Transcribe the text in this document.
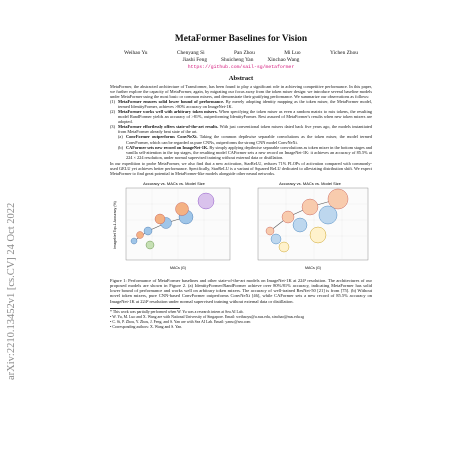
arXiv:2210.13452v1 [cs.CV] 24 Oct 2022
MetaFormer Baselines for Vision
Weihao Yu	Chenyang Si	Pan Zhou	Mi Luo	Yichen Zhou
Jiashi Feng	Shuicheng Yan	Xinchao Wang
https://github.com/sail-sg/metaformer
Abstract

MetaFormer, the abstracted architecture of Transformer, has been found to play a significant role in achieving competitive performance. In this paper, we further explore the capacity of MetaFormer, again, by migrating our focus away from the token mixer design: we introduce several baseline models under MetaFormer using the most basic or common mixers, and demonstrate their gratifying performance. We summarize our observations as follows:

(1) MetaFormer ensures solid lower bound of performance. By merely adopting identity mapping as the token mixer, the MetaFormer model, termed IdentityFormer, achieves >80% accuracy on ImageNet-1K.
(2) MetaFormer works well with arbitrary token mixers. When specifying the token mixer as even a random matrix to mix tokens, the resulting model RandFormer yields an accuracy of >81%, outperforming IdentityFormer. Rest assured of MetaFormer's results when new token mixers are adopted.
(3) MetaFormer effortlessly offers state-of-the-art results. With just conventional token mixers dated back five years ago, the models instantiated from MetaFormer already beat state of the art.
(a) ConvFormer outperforms ConvNeXt. Taking the common depthwise separable convolutions as the token mixer, the model termed ConvFormer, which can be regarded as pure CNNs, outperforms the strong CNN model ConvNeXt.
(b) CAFormer sets new record on ImageNet-1K. By simply applying depthwise separable convolutions as token mixer in the bottom stages and vanilla self-attention in the top stages, the resulting model CAFormer sets a new record on ImageNet-1K: it achieves an accuracy of 85.5% at 224 × 224 resolution, under normal supervised training without external data or distillation.

In our expedition to probe MetaFormer, we also find that a new activation, StarReLU, reduces 71% FLOPs of activation compared with commonly-used GELU yet achieves better performance. Specifically, StarReLU is a variant of Squared ReLU dedicated to alleviating distribution shift. We expect MetaFormer to find great potential in MetaFormer-like models alongside other neural networks.

Accuracy vs. MACs vs. Model Size
ImageNet Top-1 Accuracy (%)
MACs (G)
Accuracy vs. MACs vs. Model Size
MACs (G)

Figure 1: Performance of MetaFormer baselines and other state-of-the-art models on ImageNet-1K at 224² resolution. The architectures of our proposed models are shown in Figure 2. (a) IdentityFormer/RandFormer achieve over 80%/81% accuracy, indicating MetaFormer has solid lower bound of performance and works well on arbitrary token mixers. The accuracy of well-trained ResNet-50 [21] is from [75]. (b) Without novel token mixers, pure CNN-based ConvFormer outperforms ConvNeXt [46], while CAFormer sets a new record of 85.5% accuracy on ImageNet-1K at 224² resolution under normal supervised training without external data or distillation.

* This work was partially performed when W. Yu was a research intern at Sea AI Lab.
• W. Yu, M. Luo and X. Wang are with National University of Singapore. Email: weihaoyu@u.nus.edu, xinchao@nus.edu.sg
• C. Si, P. Zhou, Y. Zhou, J. Feng, and S. Yan are with Sea AI Lab. Email: yansc@sea.com
• Corresponding authors: X. Wang and S. Yan.
